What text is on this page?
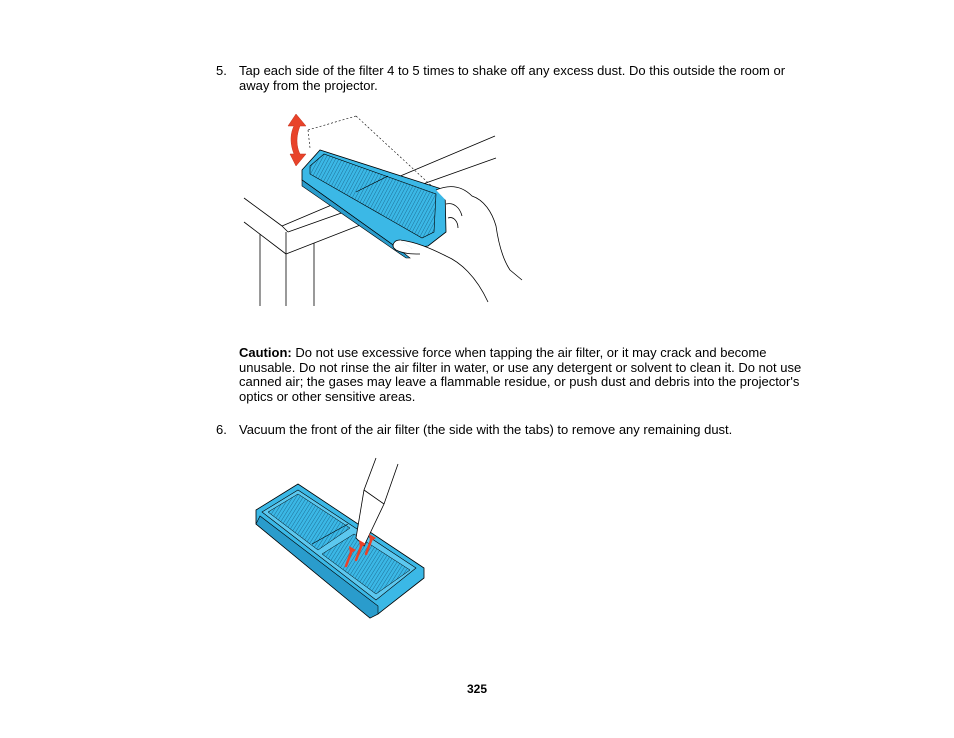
5. Tap each side of the filter 4 to 5 times to shake off any excess dust. Do this outside the room or away from the projector.
Caution: Do not use excessive force when tapping the air filter, or it may crack and become unusable. Do not rinse the air filter in water, or use any detergent or solvent to clean it. Do not use canned air; the gases may leave a flammable residue, or push dust and debris into the projector's optics or other sensitive areas.
6. Vacuum the front of the air filter (the side with the tabs) to remove any remaining dust.
325
